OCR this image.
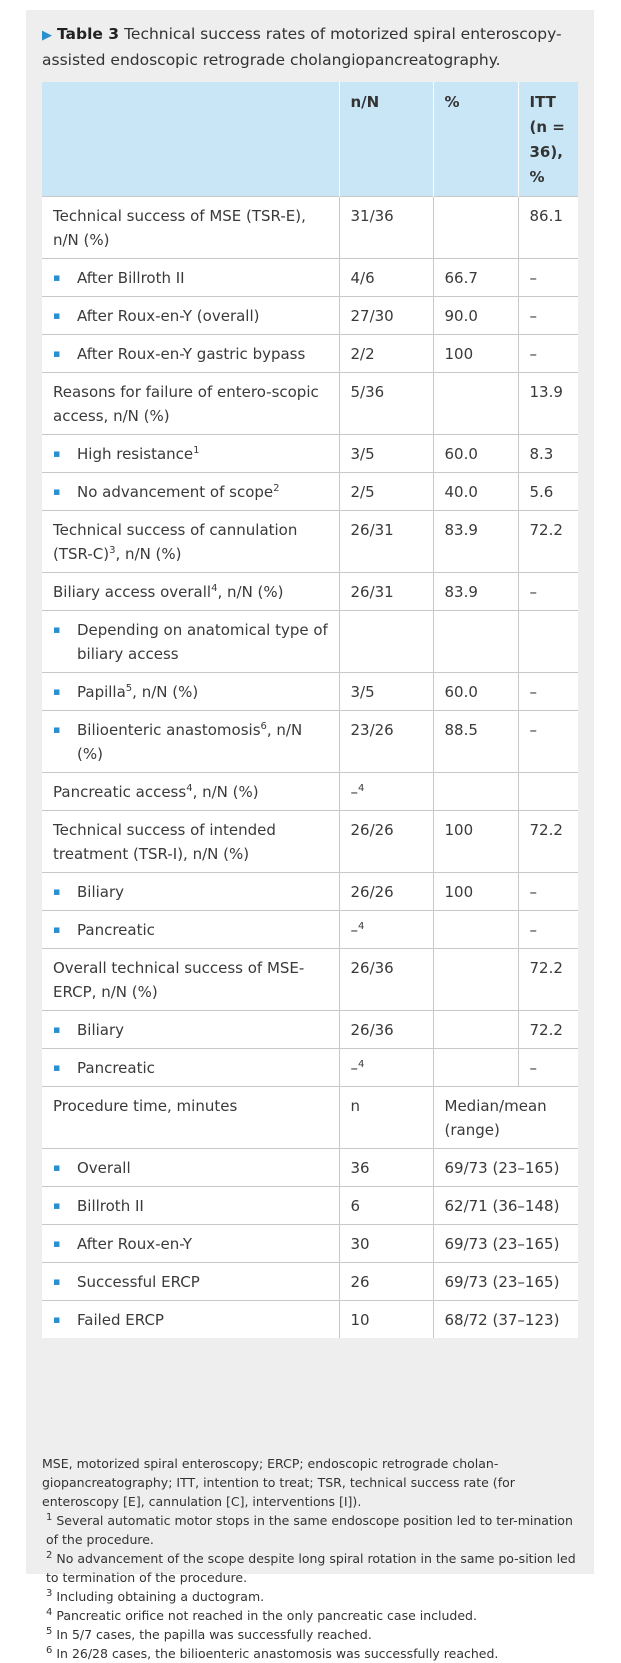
▶ Table 3 Technical success rates of motorized spiral enteroscopy-assisted endoscopic retrograde cholangiopancreatography.
	n/N	%	ITT (n = 36), %

Technical success of MSE (TSR-E), n/N (%)	31/36		86.1

▪ After Billroth II	4/6	66.7	–

▪ After Roux-en-Y (overall)	27/30	90.0	–

▪ After Roux-en-Y gastric bypass	2/2	100	–

Reasons for failure of entero-scopic access, n/N (%)	5/36		13.9

▪ High resistance$^1$	3/5	60.0	8.3

▪ No advancement of scope$^2$	2/5	40.0	5.6

Technical success of cannulation $(TSR-C)^3$, n/N (%)	26/31	83.9	72.2

Biliary access overall$^4$, n/N (%)	26/31	83.9	–

▪ Depending on anatomical type of biliary access			

▪ Papilla$^5$, n/N (%)	3/5	60.0	–

▪ Bilioenteric anastomosis$^6$, n/N (%)	23/26	88.5	–

Pancreatic access$^4$, n/N (%)	–$^4$		

Technical success of intended treatment (TSR-I), n/N (%)	26/26	100	72.2

▪ Biliary	26/26	100	–

▪ Pancreatic	–$^4$		–

Overall technical success of MSE-ERCP, n/N (%)	26/36		72.2

▪ Biliary	26/36		72.2

▪ Pancreatic	–$^4$		–
Procedure time, minutes	n	Median/mean (range)	

▪ Overall	36	69/73 (23–165)	

▪ Billroth II	6	62/71 (36–148)	

▪ After Roux-en-Y	30	69/73 (23–165)	

▪ Successful ERCP	26	69/73 (23–165)	

▪ Failed ERCP	10	68/72 (37–123)	
MSE, motorized spiral enteroscopy; ERCP; endoscopic retrograde cholan-giopancreatography; ITT, intention to treat; TSR, technical success rate (for enteroscopy [E], cannulation [C], interventions [I]).
$^1$ Several automatic motor stops in the same endoscope position led to ter-mination of the procedure.
$^2$ No advancement of the scope despite long spiral rotation in the same po-sition led to termination of the procedure.
$^3$ Including obtaining a ductogram.
$^4$ Pancreatic orifice not reached in the only pancreatic case included.
$^5$ In 5/7 cases, the papilla was successfully reached.
$^6$ In 26/28 cases, the bilioenteric anastomosis was successfully reached.
